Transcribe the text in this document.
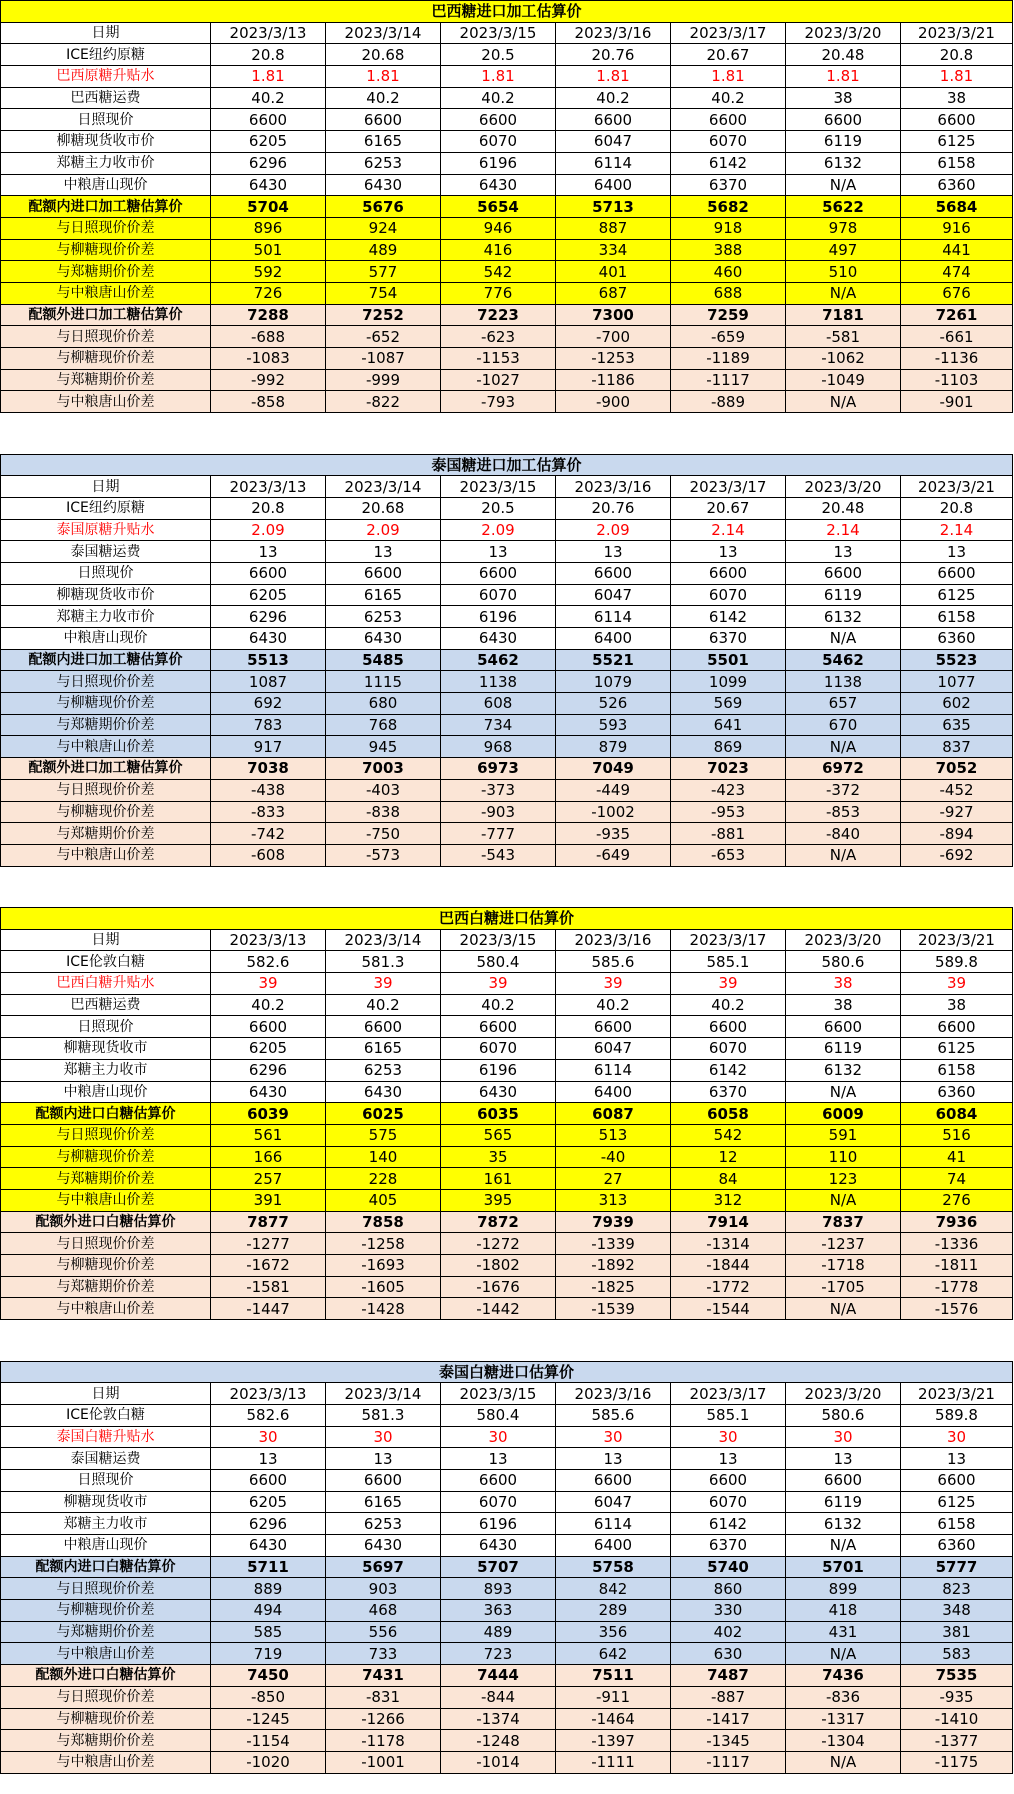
巴西糖进口加工估算价							
日期	2023/3/13	2023/3/14	2023/3/15	2023/3/16	2023/3/17	2023/3/20	2023/3/21
ICE纽约原糖	20.8	20.68	20.5	20.76	20.67	20.48	20.8
巴西原糖升贴水	1.81	1.81	1.81	1.81	1.81	1.81	1.81
巴西糖运费	40.2	40.2	40.2	40.2	40.2	38	38
日照现价	6600	6600	6600	6600	6600	6600	6600
柳糖现货收市价	6205	6165	6070	6047	6070	6119	6125
郑糖主力收市价	6296	6253	6196	6114	6142	6132	6158
中粮唐山现价	6430	6430	6430	6400	6370	N/A	6360
配额内进口加工糖估算价	5704	5676	5654	5713	5682	5622	5684
与日照现价价差	896	924	946	887	918	978	916
与柳糖现价价差	501	489	416	334	388	497	441
与郑糖期价价差	592	577	542	401	460	510	474
与中粮唐山价差	726	754	776	687	688	N/A	676
配额外进口加工糖估算价	7288	7252	7223	7300	7259	7181	7261
与日照现价价差	-688	-652	-623	-700	-659	-581	-661
与柳糖现价价差	-1083	-1087	-1153	-1253	-1189	-1062	-1136
与郑糖期价价差	-992	-999	-1027	-1186	-1117	-1049	-1103
与中粮唐山价差	-858	-822	-793	-900	-889	N/A	-901
泰国糖进口加工估算价							
日期	2023/3/13	2023/3/14	2023/3/15	2023/3/16	2023/3/17	2023/3/20	2023/3/21
ICE纽约原糖	20.8	20.68	20.5	20.76	20.67	20.48	20.8
泰国原糖升贴水	2.09	2.09	2.09	2.09	2.14	2.14	2.14
泰国糖运费	13	13	13	13	13	13	13
日照现价	6600	6600	6600	6600	6600	6600	6600
柳糖现货收市价	6205	6165	6070	6047	6070	6119	6125
郑糖主力收市价	6296	6253	6196	6114	6142	6132	6158
中粮唐山现价	6430	6430	6430	6400	6370	N/A	6360
配额内进口加工糖估算价	5513	5485	5462	5521	5501	5462	5523
与日照现价价差	1087	1115	1138	1079	1099	1138	1077
与柳糖现价价差	692	680	608	526	569	657	602
与郑糖期价价差	783	768	734	593	641	670	635
与中粮唐山价差	917	945	968	879	869	N/A	837
配额外进口加工糖估算价	7038	7003	6973	7049	7023	6972	7052
与日照现价价差	-438	-403	-373	-449	-423	-372	-452
与柳糖现价价差	-833	-838	-903	-1002	-953	-853	-927
与郑糖期价价差	-742	-750	-777	-935	-881	-840	-894
与中粮唐山价差	-608	-573	-543	-649	-653	N/A	-692
巴西白糖进口估算价							
日期	2023/3/13	2023/3/14	2023/3/15	2023/3/16	2023/3/17	2023/3/20	2023/3/21
ICE伦敦白糖	582.6	581.3	580.4	585.6	585.1	580.6	589.8
巴西白糖升贴水	39	39	39	39	39	38	39
巴西糖运费	40.2	40.2	40.2	40.2	40.2	38	38
日照现价	6600	6600	6600	6600	6600	6600	6600
柳糖现货收市	6205	6165	6070	6047	6070	6119	6125
郑糖主力收市	6296	6253	6196	6114	6142	6132	6158
中粮唐山现价	6430	6430	6430	6400	6370	N/A	6360
配额内进口白糖估算价	6039	6025	6035	6087	6058	6009	6084
与日照现价价差	561	575	565	513	542	591	516
与柳糖现价价差	166	140	35	-40	12	110	41
与郑糖期价价差	257	228	161	27	84	123	74
与中粮唐山价差	391	405	395	313	312	N/A	276
配额外进口白糖估算价	7877	7858	7872	7939	7914	7837	7936
与日照现价价差	-1277	-1258	-1272	-1339	-1314	-1237	-1336
与柳糖现价价差	-1672	-1693	-1802	-1892	-1844	-1718	-1811
与郑糖期价价差	-1581	-1605	-1676	-1825	-1772	-1705	-1778
与中粮唐山价差	-1447	-1428	-1442	-1539	-1544	N/A	-1576
泰国白糖进口估算价							
日期	2023/3/13	2023/3/14	2023/3/15	2023/3/16	2023/3/17	2023/3/20	2023/3/21
ICE伦敦白糖	582.6	581.3	580.4	585.6	585.1	580.6	589.8
泰国白糖升贴水	30	30	30	30	30	30	30
泰国糖运费	13	13	13	13	13	13	13
日照现价	6600	6600	6600	6600	6600	6600	6600
柳糖现货收市	6205	6165	6070	6047	6070	6119	6125
郑糖主力收市	6296	6253	6196	6114	6142	6132	6158
中粮唐山现价	6430	6430	6430	6400	6370	N/A	6360
配额内进口白糖估算价	5711	5697	5707	5758	5740	5701	5777
与日照现价价差	889	903	893	842	860	899	823
与柳糖现价价差	494	468	363	289	330	418	348
与郑糖期价价差	585	556	489	356	402	431	381
与中粮唐山价差	719	733	723	642	630	N/A	583
配额外进口白糖估算价	7450	7431	7444	7511	7487	7436	7535
与日照现价价差	-850	-831	-844	-911	-887	-836	-935
与柳糖现价价差	-1245	-1266	-1374	-1464	-1417	-1317	-1410
与郑糖期价价差	-1154	-1178	-1248	-1397	-1345	-1304	-1377
与中粮唐山价差	-1020	-1001	-1014	-1111	-1117	N/A	-1175
